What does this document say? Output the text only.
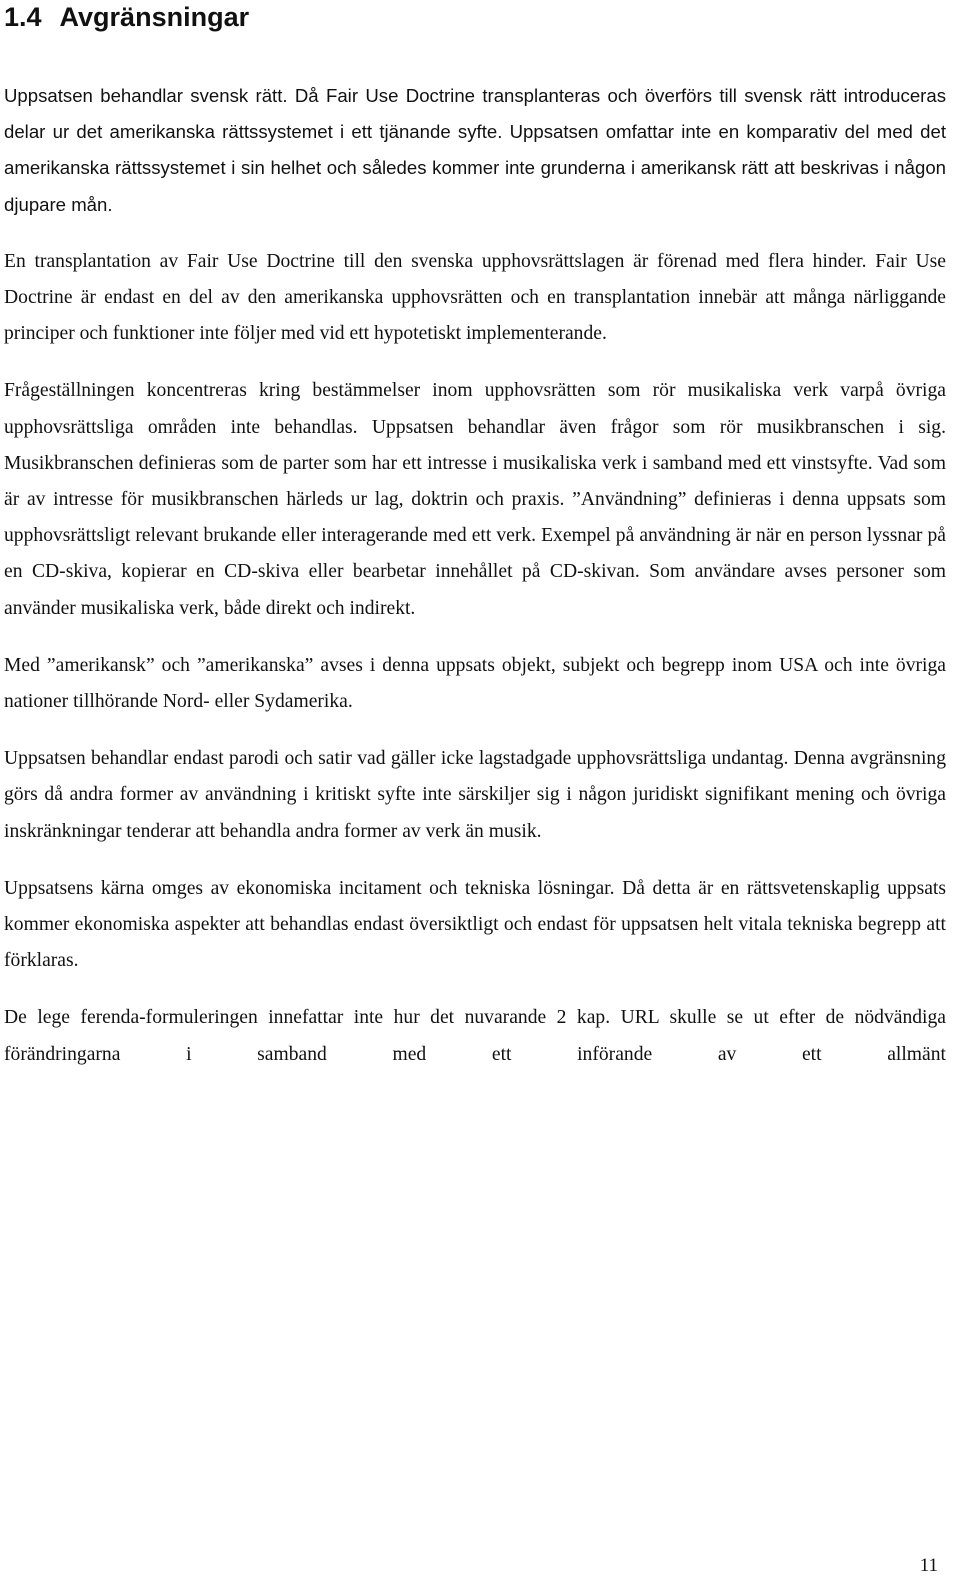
1.4 Avgränsningar

Uppsatsen behandlar svensk rätt. Då Fair Use Doctrine transplanteras och överförs till svensk rätt introduceras delar ur det amerikanska rättssystemet i ett tjänande syfte. Uppsatsen omfattar inte en komparativ del med det amerikanska rättssystemet i sin helhet och således kommer inte grunderna i amerikansk rätt att beskrivas i någon djupare mån.

En transplantation av Fair Use Doctrine till den svenska upphovsrättslagen är förenad med flera hinder. Fair Use Doctrine är endast en del av den amerikanska upphovsrätten och en transplantation innebär att många närliggande principer och funktioner inte följer med vid ett hypotetiskt implementerande.

Frågeställningen koncentreras kring bestämmelser inom upphovsrätten som rör musikaliska verk varpå övriga upphovsrättsliga områden inte behandlas. Uppsatsen behandlar även frågor som rör musikbranschen i sig. Musikbranschen definieras som de parter som har ett intresse i musikaliska verk i samband med ett vinstsyfte. Vad som är av intresse för musikbranschen härleds ur lag, doktrin och praxis. ”Användning” definieras i denna uppsats som upphovsrättsligt relevant brukande eller interagerande med ett verk. Exempel på användning är när en person lyssnar på en CD-skiva, kopierar en CD-skiva eller bearbetar innehållet på CD-skivan. Som användare avses personer som använder musikaliska verk, både direkt och indirekt.

Med ”amerikansk” och ”amerikanska” avses i denna uppsats objekt, subjekt och begrepp inom USA och inte övriga nationer tillhörande Nord- eller Sydamerika.

Uppsatsen behandlar endast parodi och satir vad gäller icke lagstadgade upphovsrättsliga undantag. Denna avgränsning görs då andra former av användning i kritiskt syfte inte särskiljer sig i någon juridiskt signifikant mening och övriga inskränkningar tenderar att behandla andra former av verk än musik.

Uppsatsens kärna omges av ekonomiska incitament och tekniska lösningar. Då detta är en rättsvetenskaplig uppsats kommer ekonomiska aspekter att behandlas endast översiktligt och endast för uppsatsen helt vitala tekniska begrepp att förklaras.

De lege ferenda-formuleringen innefattar inte hur det nuvarande 2 kap. URL skulle se ut efter de nödvändiga förändringarna i samband med ett införande av ett allmänt

11
